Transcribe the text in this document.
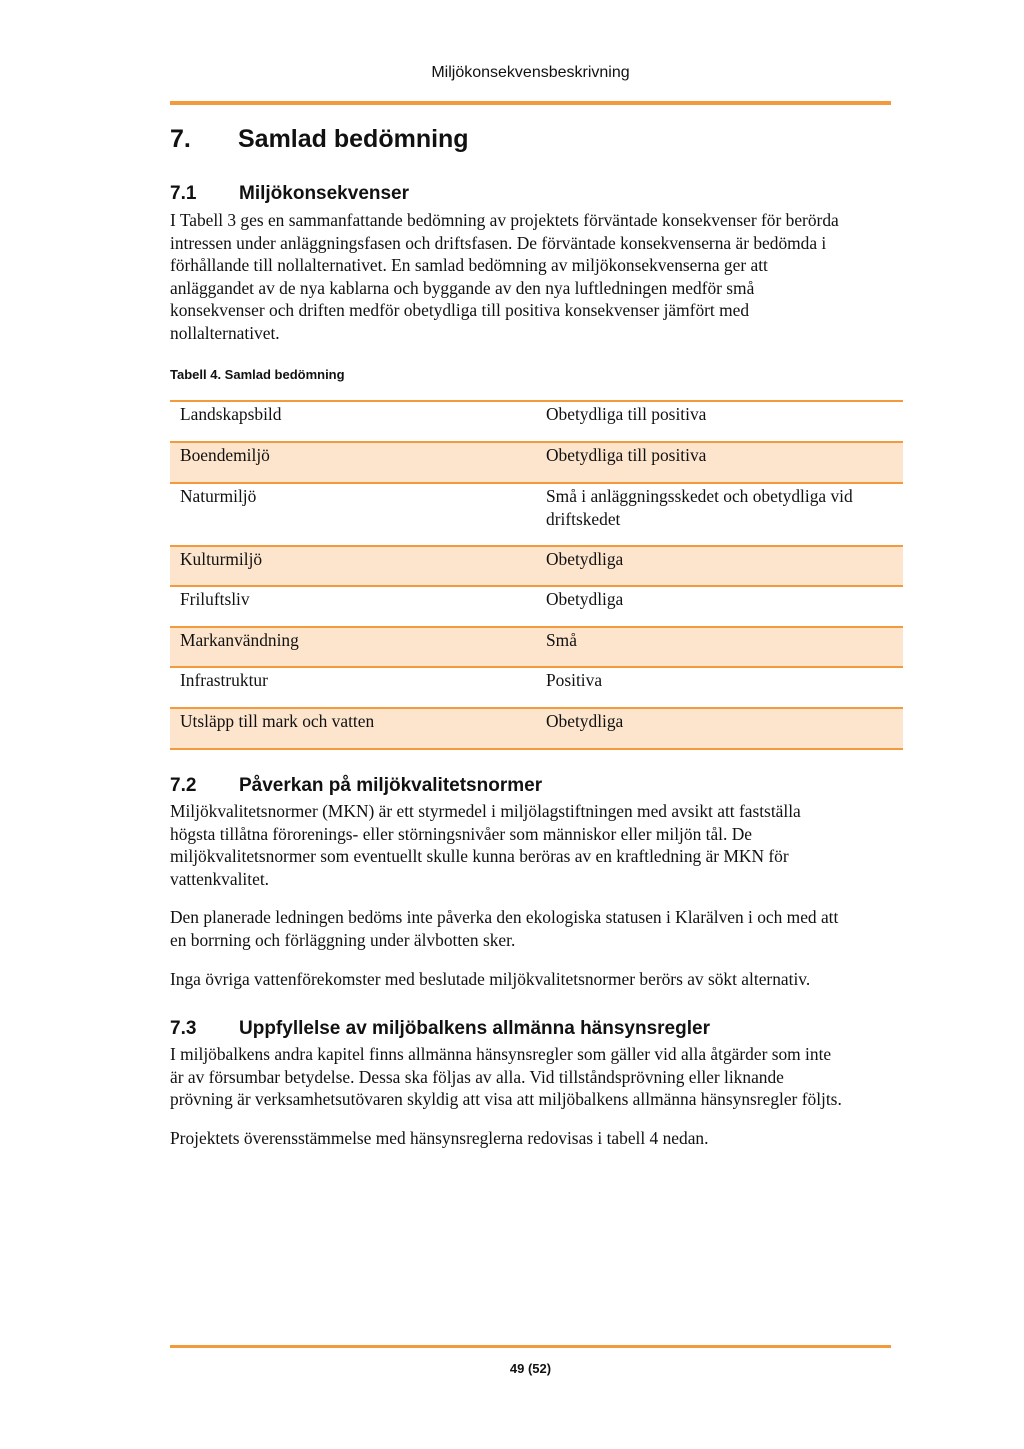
Miljökonsekvensbeskrivning
7. Samlad bedömning
7.1 Miljökonsekvenser
I Tabell 3 ges en sammanfattande bedömning av projektets förväntade konsekvenser för berörda
intressen under anläggningsfasen och driftsfasen. De förväntade konsekvenserna är bedömda i
förhållande till nollalternativet. En samlad bedömning av miljökonsekvenserna ger att
anläggandet av de nya kablarna och byggande av den nya luftledningen medför små
konsekvenser och driften medför obetydliga till positiva konsekvenser jämfört med
nollalternativet.
Tabell 4. Samlad bedömning
Landskapsbild	Obetydliga till positiva
Boendemiljö	Obetydliga till positiva
Naturmiljö	Små i anläggningsskedet och obetydliga vid
driftskedet
Kulturmiljö	Obetydliga
Friluftsliv	Obetydliga
Markanvändning	Små
Infrastruktur	Positiva
Utsläpp till mark och vatten	Obetydliga
7.2 Påverkan på miljökvalitetsnormer
Miljökvalitetsnormer (MKN) är ett styrmedel i miljölagstiftningen med avsikt att fastställa
högsta tillåtna förorenings- eller störningsnivåer som människor eller miljön tål. De
miljökvalitetsnormer som eventuellt skulle kunna beröras av en kraftledning är MKN för
vattenkvalitet.
Den planerade ledningen bedöms inte påverka den ekologiska statusen i Klarälven i och med att
en borrning och förläggning under älvbotten sker.
Inga övriga vattenförekomster med beslutade miljökvalitetsnormer berörs av sökt alternativ.
7.3 Uppfyllelse av miljöbalkens allmänna hänsynsregler
I miljöbalkens andra kapitel finns allmänna hänsynsregler som gäller vid alla åtgärder som inte
är av försumbar betydelse. Dessa ska följas av alla. Vid tillståndsprövning eller liknande
prövning är verksamhetsutövaren skyldig att visa att miljöbalkens allmänna hänsynsregler följts.
Projektets överensstämmelse med hänsynsreglerna redovisas i tabell 4 nedan.
49 (52)
